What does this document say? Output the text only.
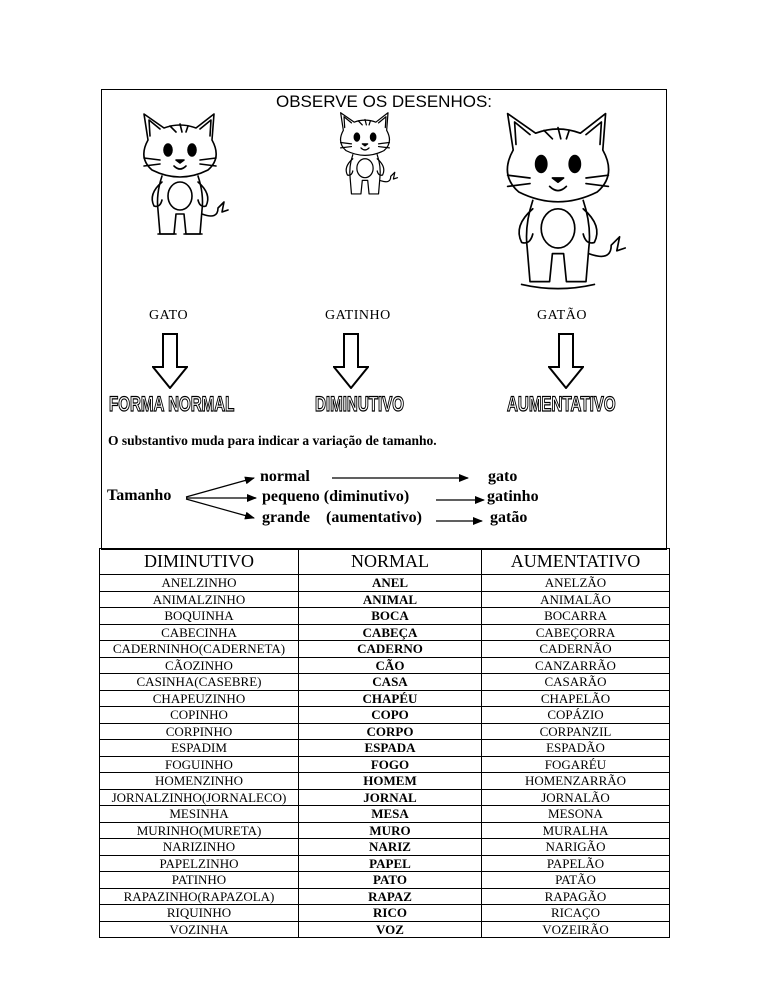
OBSERVE OS DESENHOS:
GATO	GATINHO	GATÃO
FORMA NORMAL	DIMINUTIVO	AUMENTATIVO
O substantivo muda para indicar a variação de tamanho.
Tamanho
normal
pequeno (diminutivo)
grande    (aumentativo)
gato
gatinho
gatão
DIMINUTIVO	NORMAL	AUMENTATIVO
ANELZINHO	ANEL	ANELZÃO
ANIMALZINHO	ANIMAL	ANIMALÃO
BOQUINHA	BOCA	BOCARRA
CABECINHA	CABEÇA	CABEÇORRA
CADERNINHO(CADERNETA)	CADERNO	CADERNÃO
CÃOZINHO	CÃO	CANZARRÃO
CASINHA(CASEBRE)	CASA	CASARÃO
CHAPEUZINHO	CHAPÉU	CHAPELÃO
COPINHO	COPO	COPÁZIO
CORPINHO	CORPO	CORPANZIL
ESPADIM	ESPADA	ESPADÃO
FOGUINHO	FOGO	FOGARÉU
HOMENZINHO	HOMEM	HOMENZARRÃO
JORNALZINHO(JORNALECO)	JORNAL	JORNALÃO
MESINHA	MESA	MESONA
MURINHO(MURETA)	MURO	MURALHA
NARIZINHO	NARIZ	NARIGÃO
PAPELZINHO	PAPEL	PAPELÃO
PATINHO	PATO	PATÃO
RAPAZINHO(RAPAZOLA)	RAPAZ	RAPAGÃO
RIQUINHO	RICO	RICAÇO
VOZINHA	VOZ	VOZEIRÃO
